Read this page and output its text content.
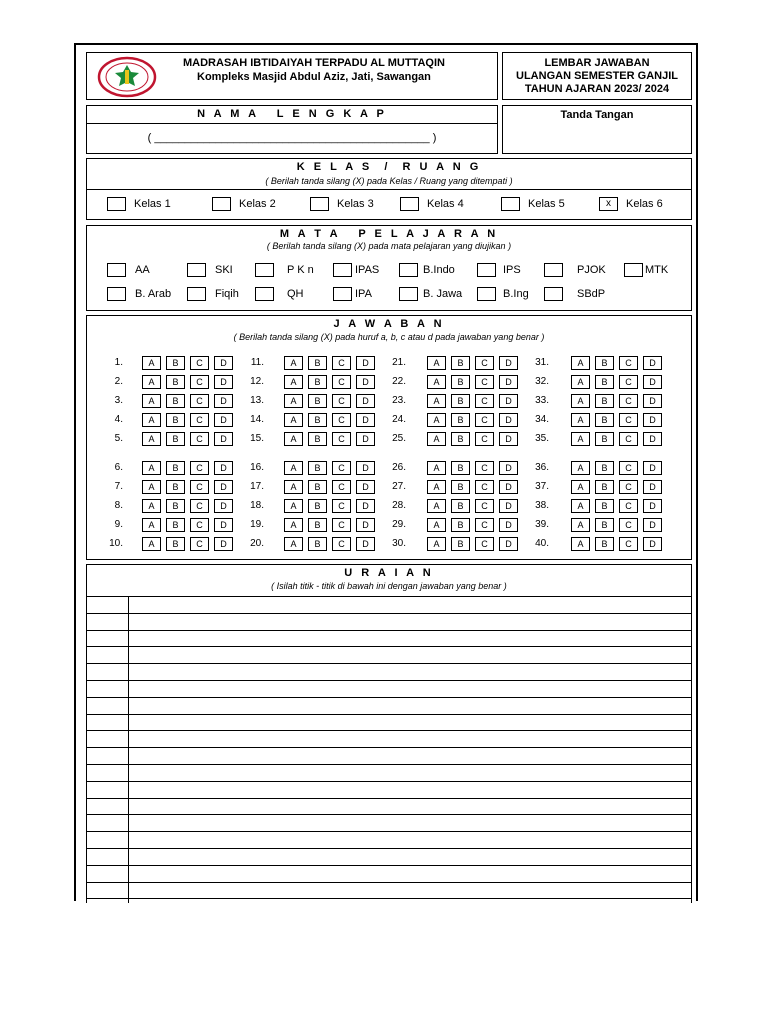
MADRASAH IBTIDAIYAH TERPADU AL MUTTAQIN
Kompleks Masjid Abdul Aziz, Jati, Sawangan
LEMBAR JAWABAN
ULANGAN SEMESTER GANJIL
TAHUN AJARAN 2023/ 2024
N A M A   L E N G K A P
( _____________________________________________ )
Tanda Tangan
K E L A S  /  R U A N G
( Berilah tanda silang (X) pada Kelas / Ruang yang ditempati )
Kelas 1	Kelas 2	Kelas 3	Kelas 4	Kelas 5	x	Kelas 6
M A T A   P E L A J A R A N
( Berilah tanda silang (X) pada mata pelajaran yang diujikan )
AA	SKI	P K n	IPAS	B.Indo	IPS	PJOK	MTK
B. Arab	Fiqih	QH	IPA	B. Jawa	B.Ing	SBdP
J A W A B A N
( Berilah tanda silang (X) pada huruf a, b, c atau d pada jawaban yang benar )
1.	A	B	C	D
2.	A	B	C	D
3.	A	B	C	D
4.	A	B	C	D
5.	A	B	C	D
6.	A	B	C	D
7.	A	B	C	D
8.	A	B	C	D
9.	A	B	C	D
10.	A	B	C	D
11.	A	B	C	D
12.	A	B	C	D
13.	A	B	C	D
14.	A	B	C	D
15.	A	B	C	D
16.	A	B	C	D
17.	A	B	C	D
18.	A	B	C	D
19.	A	B	C	D
20.	A	B	C	D
21.	A	B	C	D
22.	A	B	C	D
23.	A	B	C	D
24.	A	B	C	D
25.	A	B	C	D
26.	A	B	C	D
27.	A	B	C	D
28.	A	B	C	D
29.	A	B	C	D
30.	A	B	C	D
31.	A	B	C	D
32.	A	B	C	D
33.	A	B	C	D
34.	A	B	C	D
35.	A	B	C	D
36.	A	B	C	D
37.	A	B	C	D
38.	A	B	C	D
39.	A	B	C	D
40.	A	B	C	D
U R A I A N
( Isilah titik - titik di bawah ini dengan jawaban yang benar )
